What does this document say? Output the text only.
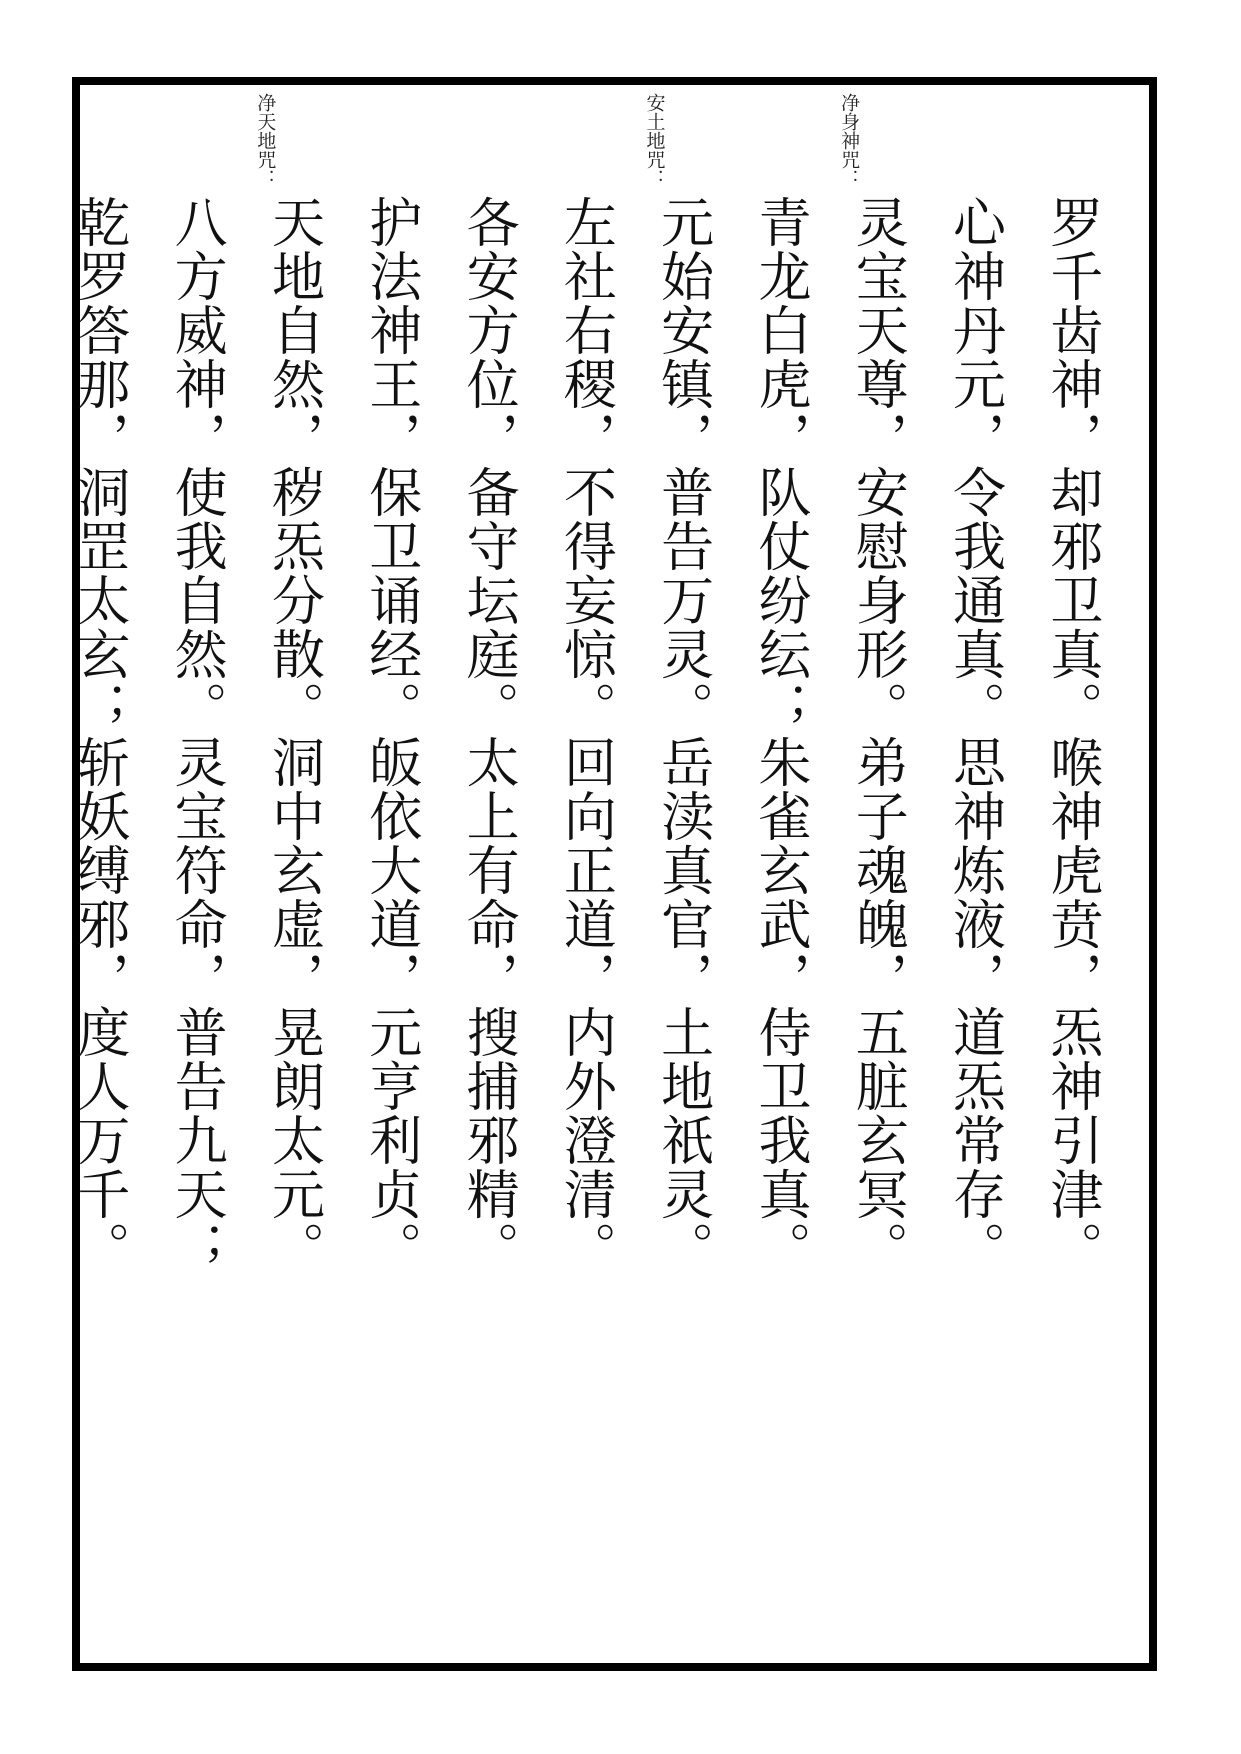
罗千齿神，却邪卫真。喉神虎贲，炁神引津。
心神丹元，令我通真。思神炼液，道炁常存。
净身神咒：
灵宝天尊，安慰身形。弟子魂魄，五脏玄冥。
青龙白虎，队仗纷纭；朱雀玄武，侍卫我真。
安土地咒：
元始安镇，普告万灵。岳渎真官，土地祇灵。
左社右稷，不得妄惊。回向正道，内外澄清。
各安方位，备守坛庭。太上有命，搜捕邪精。
护法神王，保卫诵经。皈依大道，元亨利贞。
净天地咒：
天地自然，秽炁分散。洞中玄虚，晃朗太元。
八方威神，使我自然。灵宝符命，普告九天；
乾罗答那，洞罡太玄；斩妖缚邪，度人万千。
